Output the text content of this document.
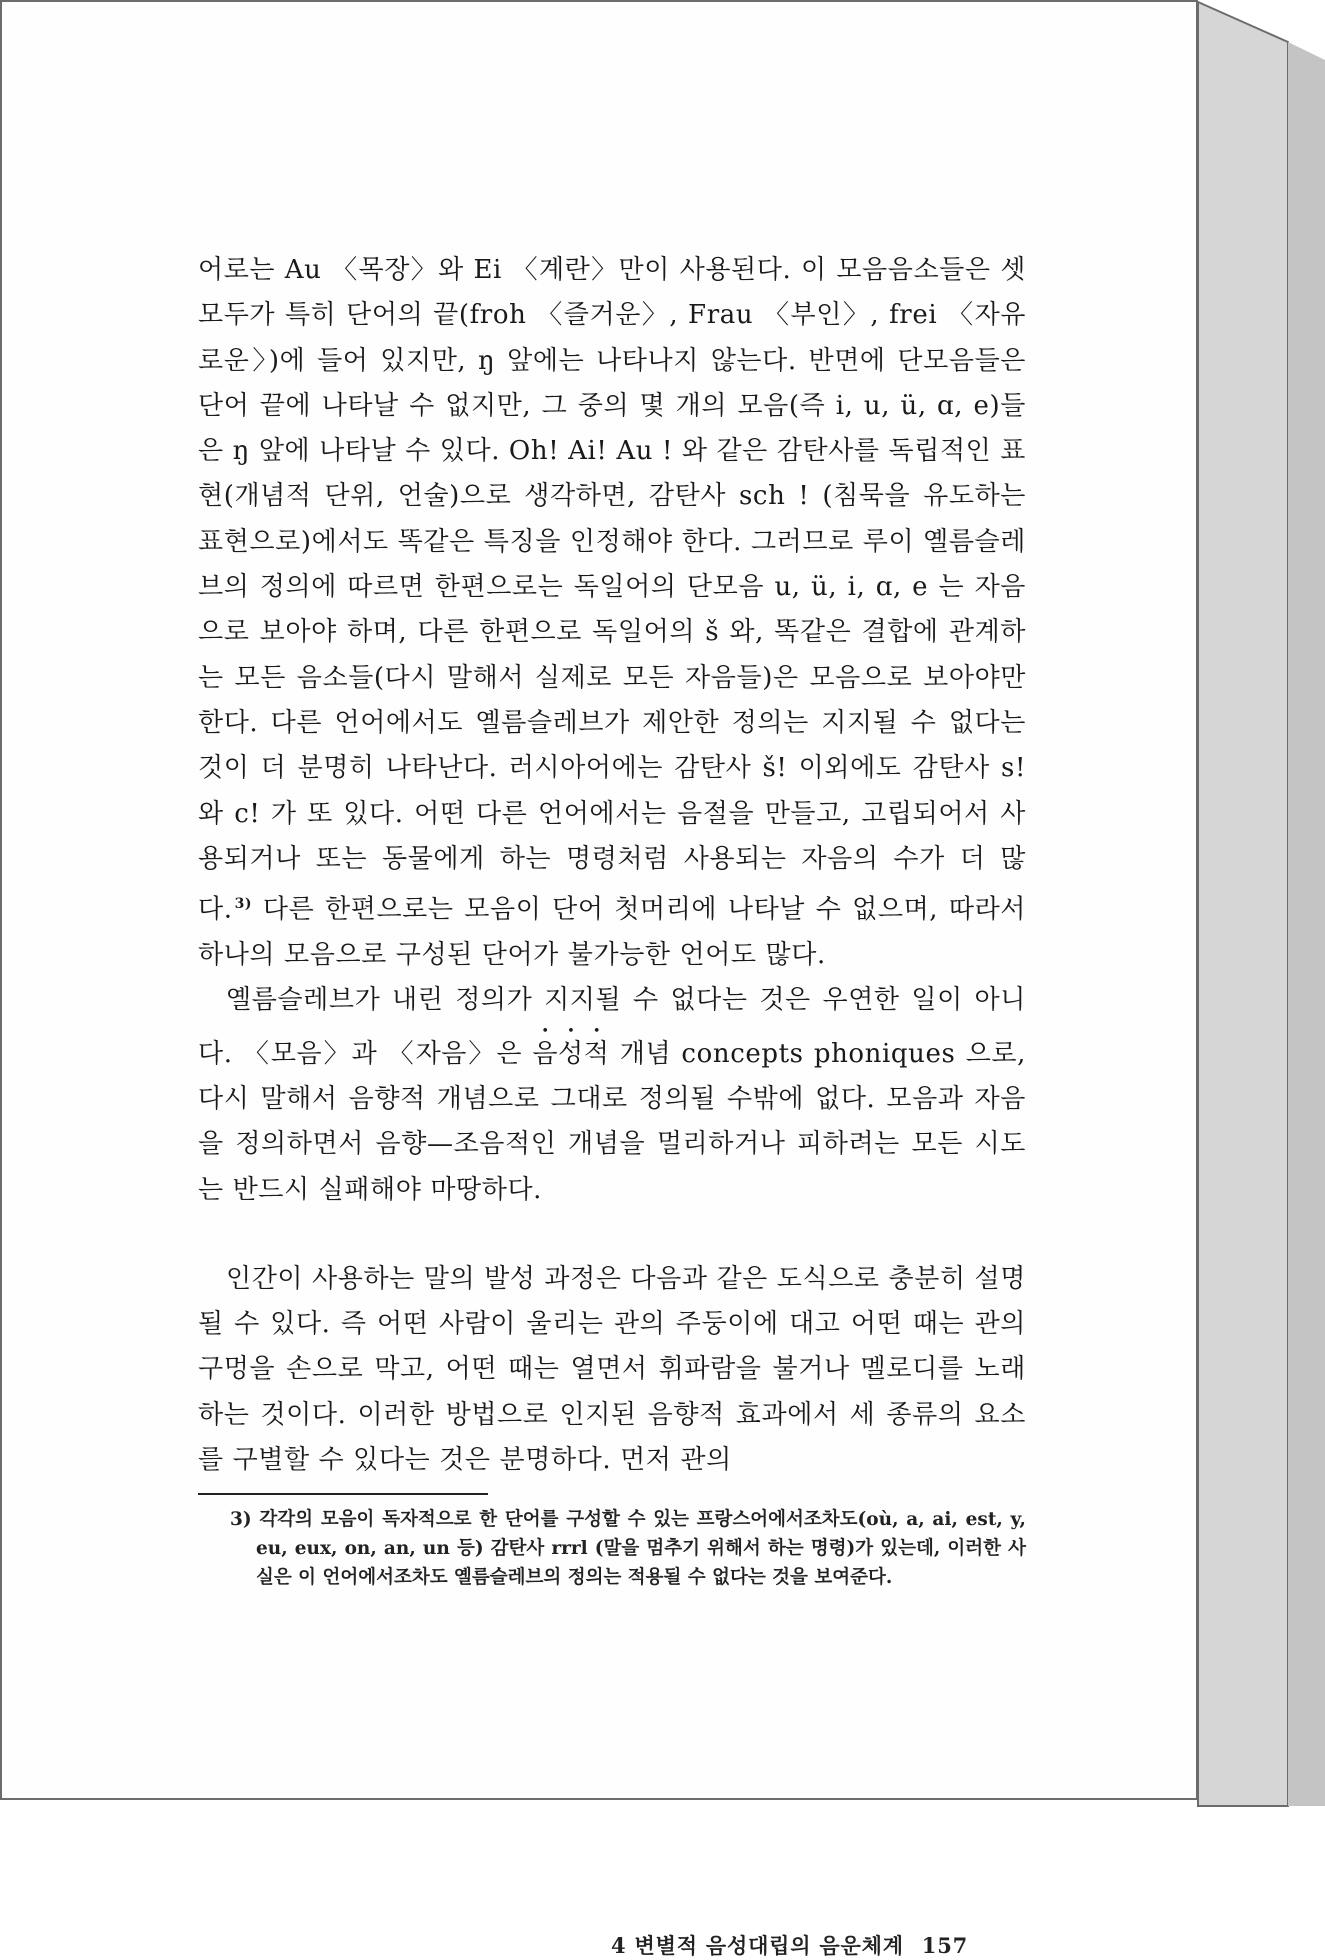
어로는 Au 〈목장〉와 Ei 〈계란〉만이 사용된다. 이 모음음소들은 셋 모두가 특히 단어의 끝(froh 〈즐거운〉, Frau 〈부인〉, frei 〈자유로운〉)에 들어 있지만, ŋ 앞에는 나타나지 않는다. 반면에 단모음들은 단어 끝에 나타날 수 없지만, 그 중의 몇 개의 모음(즉 i, u, ü, ɑ, e)들은 ŋ 앞에 나타날 수 있다. Oh! Ai! Au ! 와 같은 감탄사를 독립적인 표현(개념적 단위, 언술)으로 생각하면, 감탄사 sch ! (침묵을 유도하는 표현으로)에서도 똑같은 특징을 인정해야 한다. 그러므로 루이 옐름슬레브의 정의에 따르면 한편으로는 독일어의 단모음 u, ü, i, ɑ, e 는 자음으로 보아야 하며, 다른 한편으로 독일어의 š 와, 똑같은 결합에 관계하는 모든 음소들(다시 말해서 실제로 모든 자음들)은 모음으로 보아야만 한다. 다른 언어에서도 옐름슬레브가 제안한 정의는 지지될 수 없다는 것이 더 분명히 나타난다. 러시아어에는 감탄사 š! 이외에도 감탄사 s! 와 c! 가 또 있다. 어떤 다른 언어에서는 음절을 만들고, 고립되어서 사용되거나 또는 동물에게 하는 명령처럼 사용되는 자음의 수가 더 많다. $^{3)}$ 다른 한편으로는 모음이 단어 첫머리에 나타날 수 없으며, 따라서 하나의 모음으로 구성된 단어가 불가능한 언어도 많다.

옐름슬레브가 내린 정의가 지지될 수 없다는 것은 우연한 일이 아니다. 〈모음〉과 〈자음〉은 음성적 개념 concepts phoniques 으로, 다시 말해서 음향적 개념으로 그대로 정의될 수밖에 없다. 모음과 자음을 정의하면서 음향—조음적인 개념을 멀리하거나 피하려는 모든 시도는 반드시 실패해야 마땅하다.

인간이 사용하는 말의 발성 과정은 다음과 같은 도식으로 충분히 설명될 수 있다. 즉 어떤 사람이 울리는 관의 주둥이에 대고 어떤 때는 관의 구멍을 손으로 막고, 어떤 때는 열면서 휘파람을 불거나 멜로디를 노래하는 것이다. 이러한 방법으로 인지된 음향적 효과에서 세 종류의 요소를 구별할 수 있다는 것은 분명하다. 먼저 관의

3) 각각의 모음이 독자적으로 한 단어를 구성할 수 있는 프랑스어에서조차도(où, a, ai, est, y, eu, eux, on, an, un 등) 감탄사 rrrl (말을 멈추기 위해서 하는 명령)가 있는데, 이러한 사실은 이 언어에서조차도 옐름슬레브의 정의는 적용될 수 없다는 것을 보여준다.

4 변별적 음성대립의 음운체계 157
